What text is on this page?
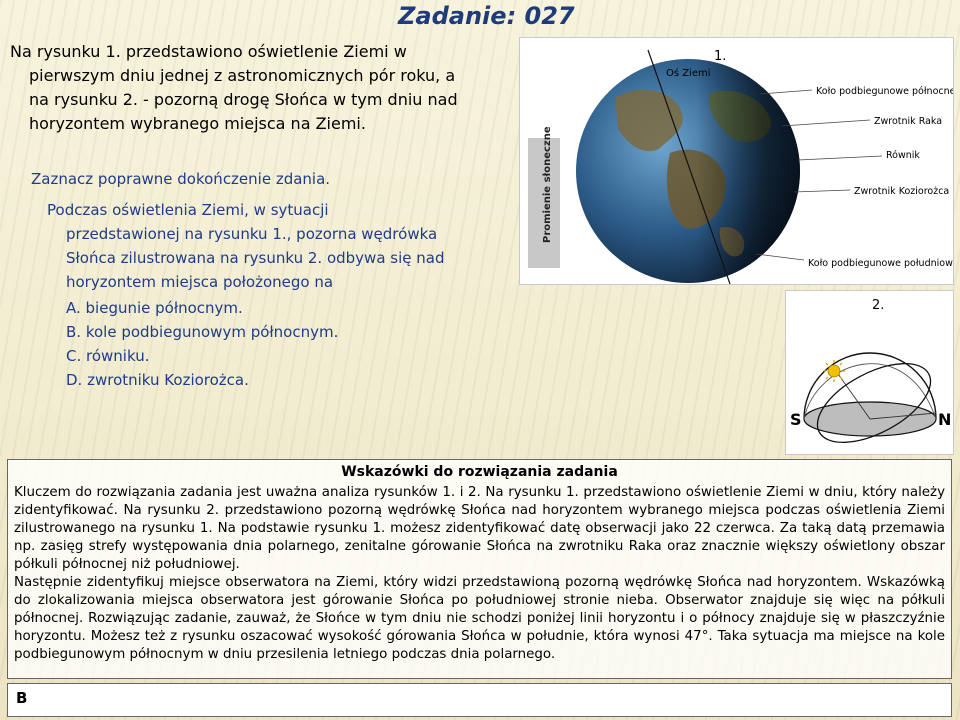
Zadanie: 027

Na rysunku 1. przedstawiono oświetlenie Ziemi w
pierwszym dniu jednej z astronomicznych pór roku, a
na rysunku 2. - pozorną drogę Słońca w tym dniu nad
horyzontem wybranego miejsca na Ziemi.

Zaznacz poprawne dokończenie zdania.

Podczas oświetlenia Ziemi, w sytuacji
przedstawionej na rysunku 1., pozorna wędrówka
Słońca zilustrowana na rysunku 2. odbywa się nad
horyzontem miejsca położonego na

A. biegunie północnym.
B. kole podbiegunowym północnym.
C. równiku.
D. zwrotniku Koziorożca.
Promienie słoneczne
Oś Ziemi
Koło podbiegunowe północne
Zwrotnik Raka
Równik
Zwrotnik Koziorożca
Koło podbiegunowe południowe
1.
S	N
2.
Wskazówki do rozwiązania zadania

Kluczem do rozwiązania zadania jest uważna analiza rysunków 1. i 2. Na rysunku 1. przedstawiono oświetlenie Ziemi w dniu, który należy zidentyfikować. Na rysunku 2. przedstawiono pozorną wędrówkę Słońca nad horyzontem wybranego miejsca podczas oświetlenia Ziemi zilustrowanego na rysunku 1. Na podstawie rysunku 1. możesz zidentyfikować datę obserwacji jako 22 czerwca. Za taką datą przemawia np. zasięg strefy występowania dnia polarnego, zenitalne górowanie Słońca na zwrotniku Raka oraz znacznie większy oświetlony obszar półkuli północnej niż południowej.

Następnie zidentyfikuj miejsce obserwatora na Ziemi, który widzi przedstawioną pozorną wędrówkę Słońca nad horyzontem. Wskazówką do zlokalizowania miejsca obserwatora jest górowanie Słońca po południowej stronie nieba. Obserwator znajduje się więc na półkuli północnej. Rozwiązując zadanie, zauważ, że Słońce w tym dniu nie schodzi poniżej linii horyzontu i o północy znajduje się w płaszczyźnie horyzontu. Możesz też z rysunku oszacować wysokość górowania Słońca w południe, która wynosi 47°. Taka sytuacja ma miejsce na kole podbiegunowym północnym w dniu przesilenia letniego podczas dnia polarnego.

B
